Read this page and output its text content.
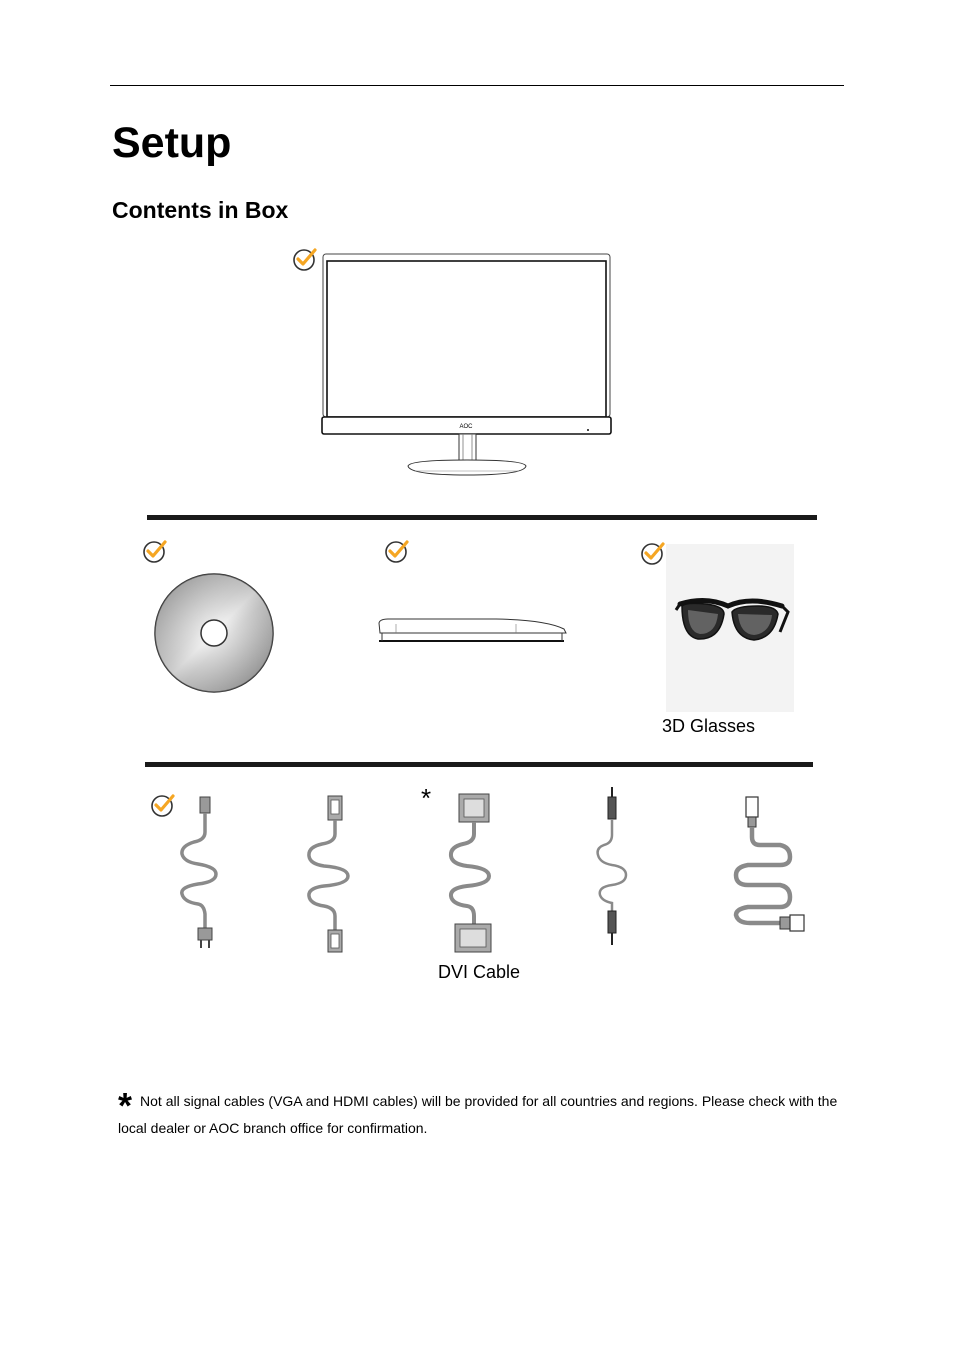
Setup
Contents in Box
AOC
3D Glasses
*
DVI Cable
* Not all signal cables (VGA and HDMI cables) will be provided for all countries and regions. Please check with the local dealer or AOC branch office for confirmation.
